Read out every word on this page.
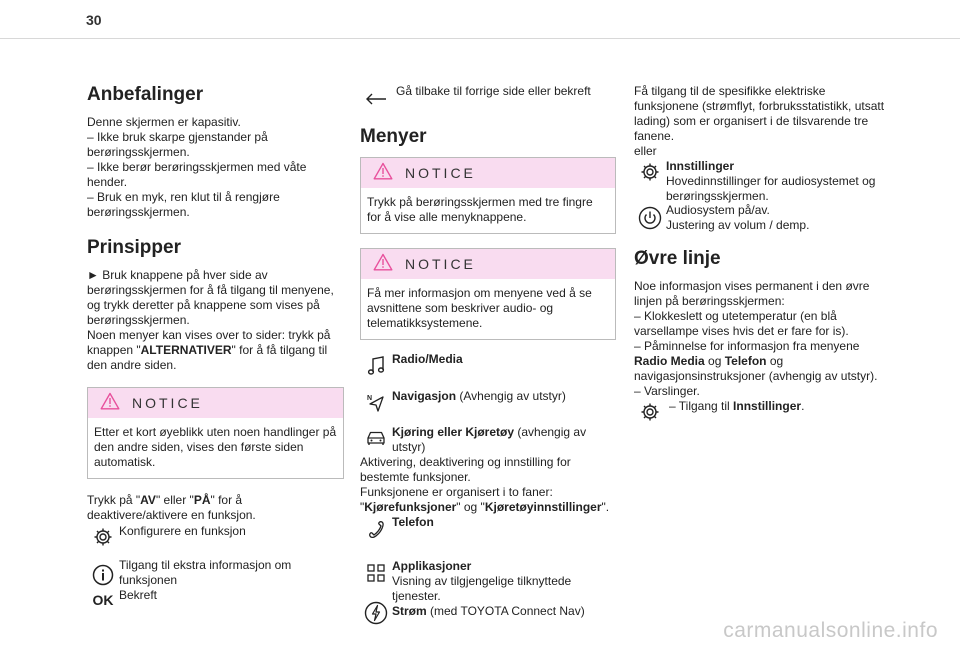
30
Anbefalinger

Denne skjermen er kapasitiv.

– Ikke bruk skarpe gjenstander på berøringsskjermen.

– Ikke berør berøringsskjermen med våte hender.

– Bruk en myk, ren klut til å rengjøre berøringsskjermen.

Prinsipper

► Bruk knappene på hver side av berøringsskjermen for å få tilgang til menyene, og trykk deretter på knappene som vises på berøringsskjermen.

Noen menyer kan vises over to sider: trykk på knappen "ALTERNATIVER" for å få tilgang til den andre siden.

NOTICE
Etter et kort øyeblikk uten noen handlinger på den andre siden, vises den første siden automatisk.

Trykk på "AV" eller "PÅ" for å deaktivere/aktivere en funksjon.

Konfigurere en funksjon
Tilgang til ekstra informasjon om funksjonen
OK Bekreft
Gå tilbake til forrige side eller bekreft
Menyer
NOTICE
Trykk på berøringsskjermen med tre fingre for å vise alle menyknappene.
NOTICE
Få mer informasjon om menyene ved å se avsnittene som beskriver audio- og telematikksystemene.
Radio/Media
N Navigasjon (Avhengig av utstyr)
Kjøring eller Kjøretøy (avhengig av utstyr)

Aktivering, deaktivering og innstilling for bestemte funksjoner.

Funksjonene er organisert i to faner: "Kjørefunksjoner" og "Kjøretøyinnstillinger".

Telefon
Applikasjoner
Visning av tilgjengelige tilknyttede tjenester.
Strøm (med TOYOTA Connect Nav)

Få tilgang til de spesifikke elektriske funksjonene (strømflyt, forbruksstatistikk, utsatt lading) som er organisert i de tilsvarende tre fanene.

eller

Innstillinger
Hovedinnstillinger for audiosystemet og berøringsskjermen.
Audiosystem på/av.
Justering av volum / demp.
Øvre linje

Noe informasjon vises permanent i den øvre linjen på berøringsskjermen:

– Klokkeslett og utetemperatur (en blå varsellampe vises hvis det er fare for is).

– Påminnelse for informasjon fra menyene Radio Media og Telefon og navigasjonsinstruksjoner (avhengig av utstyr).

– Varslinger.

– Tilgang til Innstillinger.
carmanualsonline.info
